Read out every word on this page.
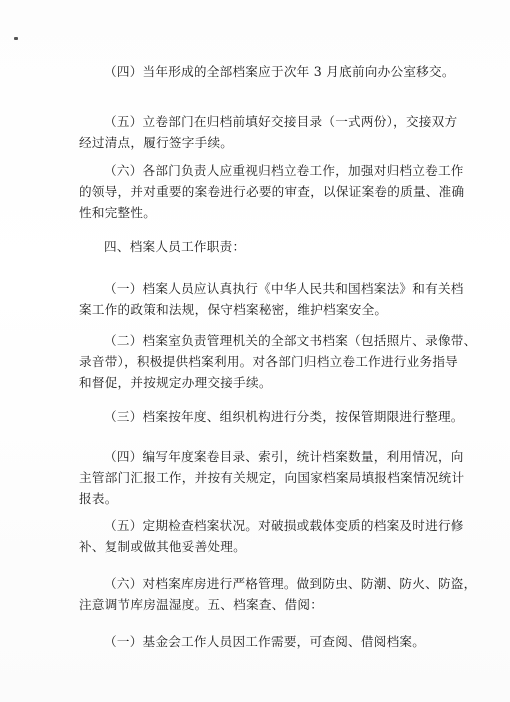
（四）当年形成的全部档案应于次年 3 月底前向办公室移交。
（五）立卷部门在归档前填好交接目录（一式两份），交接双方
经过清点，履行签字手续。
（六）各部门负责人应重视归档立卷工作，加强对归档立卷工作
的领导，并对重要的案卷进行必要的审查，以保证案卷的质量、准确
性和完整性。
四、档案人员工作职责：
（一）档案人员应认真执行《中华人民共和国档案法》和有关档
案工作的政策和法规，保守档案秘密，维护档案安全。
（二）档案室负责管理机关的全部文书档案（包括照片、录像带、
录音带），积极提供档案利用。对各部门归档立卷工作进行业务指导
和督促，并按规定办理交接手续。
（三）档案按年度、组织机构进行分类，按保管期限进行整理。
（四）编写年度案卷目录、索引，统计档案数量，利用情况，向
主管部门汇报工作，并按有关规定，向国家档案局填报档案情况统计
报表。
（五）定期检查档案状况。对破损或载体变质的档案及时进行修
补、复制或做其他妥善处理。
（六）对档案库房进行严格管理。做到防虫、防潮、防火、防盗，
注意调节库房温湿度。五、档案查、借阅：
（一）基金会工作人员因工作需要，可查阅、借阅档案。
